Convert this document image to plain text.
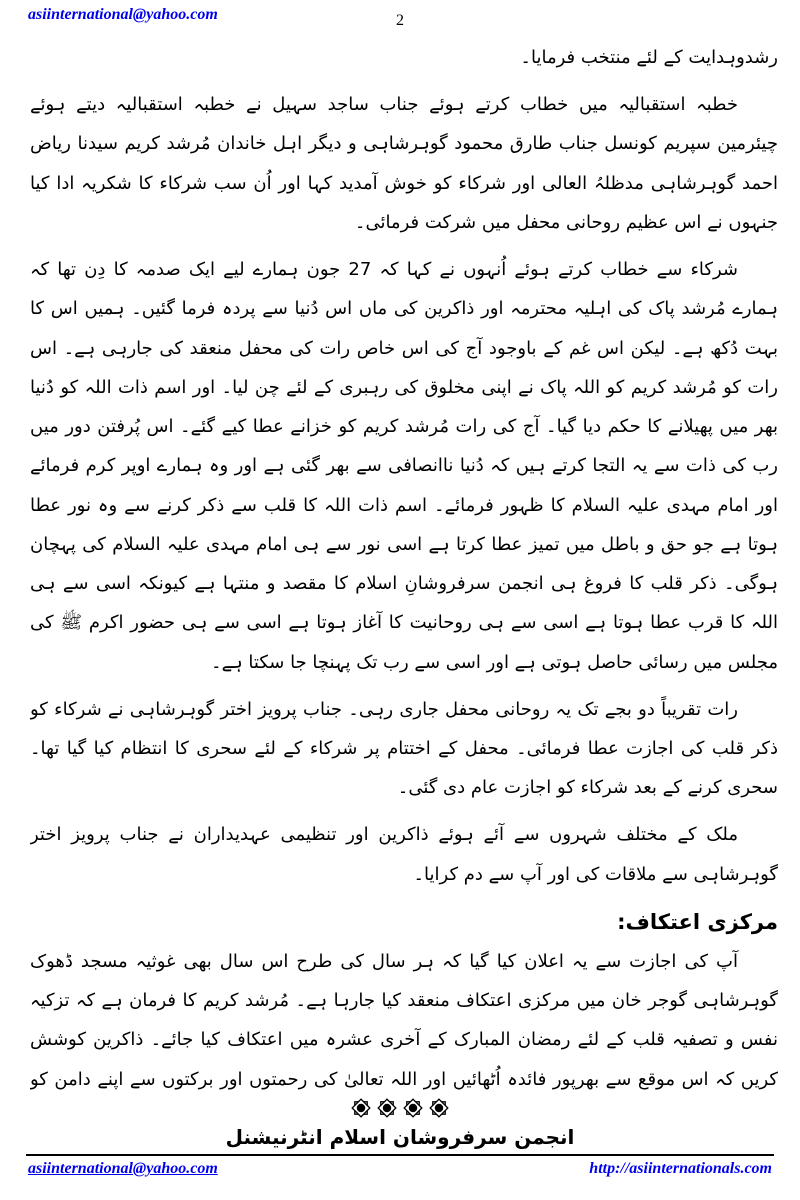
asiinternational@yahoo.com	2

رشدوہدایت کے لئے منتخب فرمایا۔

خطبہ استقبالیہ میں خطاب کرتے ہوئے جناب ساجد سہیل نے خطبہ استقبالیہ دیتے ہوئے چیئرمین سپریم کونسل جناب طارق محمود گوہرشاہی و دیگر اہل خاندان مُرشد کریم سیدنا ریاض احمد گوہرشاہی مدظلہُ العالی اور شرکاء کو خوش آمدید کہا اور اُن سب شرکاء کا شکریہ ادا کیا جنہوں نے اس عظیم روحانی محفل میں شرکت فرمائی۔

شرکاء سے خطاب کرتے ہوئے اُنہوں نے کہا کہ 27 جون ہمارے لیے ایک صدمہ کا دِن تھا کہ ہمارے مُرشد پاک کی اہلیہ محترمہ اور ذاکرین کی ماں اس دُنیا سے پردہ فرما گئیں۔ ہمیں اس کا بہت دُکھ ہے۔ لیکن اس غم کے باوجود آج کی اس خاص رات کی محفل منعقد کی جارہی ہے۔ اس رات کو مُرشد کریم کو اللہ پاک نے اپنی مخلوق کی رہبری کے لئے چن لیا۔ اور اسم ذات اللہ کو دُنیا بھر میں پھیلانے کا حکم دیا گیا۔ آج کی رات مُرشد کریم کو خزانے عطا کیے گئے۔ اس پُرفتن دور میں رب کی ذات سے یہ التجا کرتے ہیں کہ دُنیا ناانصافی سے بھر گئی ہے اور وہ ہمارے اوپر کرم فرمائے اور امام مہدی علیہ السلام کا ظہور فرمائے۔ اسم ذات اللہ کا قلب سے ذکر کرنے سے وہ نور عطا ہوتا ہے جو حق و باطل میں تمیز عطا کرتا ہے اسی نور سے ہی امام مہدی علیہ السلام کی پہچان ہوگی۔ ذکر قلب کا فروغ ہی انجمن سرفروشانِ اسلام کا مقصد و منتہا ہے کیونکہ اسی سے ہی اللہ کا قرب عطا ہوتا ہے اسی سے ہی روحانیت کا آغاز ہوتا ہے اسی سے ہی حضور اکرم ﷺ کی مجلس میں رسائی حاصل ہوتی ہے اور اسی سے رب تک پہنچا جا سکتا ہے۔

رات تقریباً دو بجے تک یہ روحانی محفل جاری رہی۔ جناب پرویز اختر گوہرشاہی نے شرکاء کو ذکر قلب کی اجازت عطا فرمائی۔ محفل کے اختتام پر شرکاء کے لئے سحری کا انتظام کیا گیا تھا۔ سحری کرنے کے بعد شرکاء کو اجازت عام دی گئی۔

ملک کے مختلف شہروں سے آئے ہوئے ذاکرین اور تنظیمی عہدیداران نے جناب پرویز اختر گوہرشاہی سے ملاقات کی اور آپ سے دم کرایا۔

مرکزی اعتکاف:

آپ کی اجازت سے یہ اعلان کیا گیا کہ ہر سال کی طرح اس سال بھی غوثیہ مسجد ڈھوک گوہرشاہی گوجر خان میں مرکزی اعتکاف منعقد کیا جارہا ہے۔ مُرشد کریم کا فرمان ہے کہ تزکیہ نفس و تصفیہ قلب کے لئے رمضان المبارک کے آخری عشرہ میں اعتکاف کیا جائے۔ ذاکرین کوشش کریں کہ اس موقع سے بھرپور فائدہ اُٹھائیں اور اللہ تعالیٰ کی رحمتوں اور برکتوں سے اپنے دامن کو

انجمن سرفروشان اسلام انٹرنیشنل
asiinternational@yahoo.com	http://asiinternationals.com
